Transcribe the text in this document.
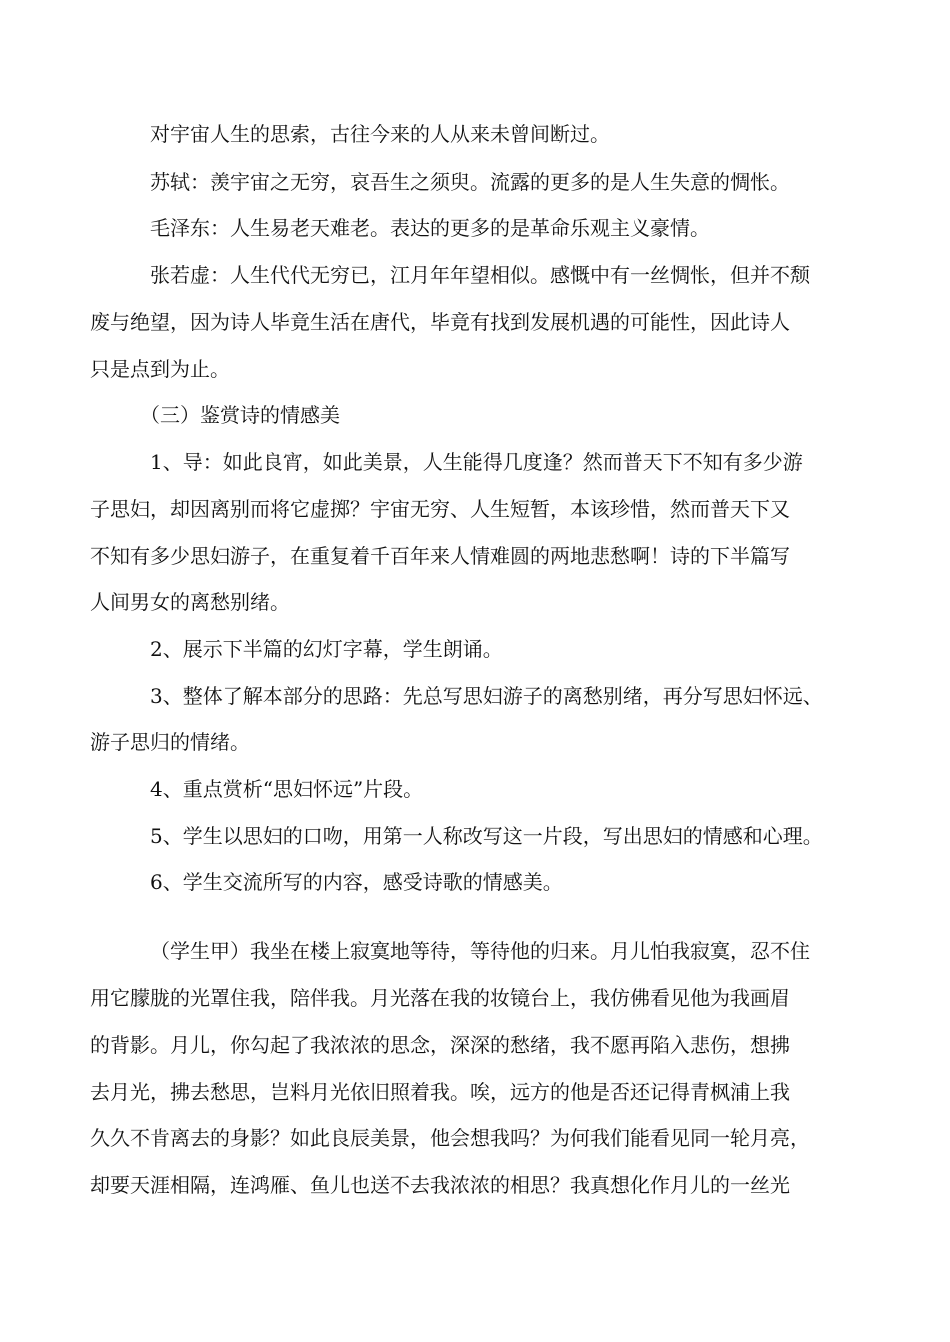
对宇宙人生的思索，古往今来的人从来未曾间断过。
苏轼：羡宇宙之无穷，哀吾生之须臾。流露的更多的是人生失意的惆怅。
毛泽东：人生易老天难老。表达的更多的是革命乐观主义豪情。
张若虚：人生代代无穷已，江月年年望相似。感慨中有一丝惆怅，但并不颓
废与绝望，因为诗人毕竟生活在唐代，毕竟有找到发展机遇的可能性，因此诗人
只是点到为止。
（三）鉴赏诗的情感美
1、导：如此良宵，如此美景，人生能得几度逢？然而普天下不知有多少游
子思妇，却因离别而将它虚掷？宇宙无穷、人生短暂，本该珍惜，然而普天下又
不知有多少思妇游子，在重复着千百年来人情难圆的两地悲愁啊！诗的下半篇写
人间男女的离愁别绪。
2、展示下半篇的幻灯字幕，学生朗诵。
3、整体了解本部分的思路：先总写思妇游子的离愁别绪，再分写思妇怀远、
游子思归的情绪。
4、重点赏析“思妇怀远”片段。
5、学生以思妇的口吻，用第一人称改写这一片段，写出思妇的情感和心理。
6、学生交流所写的内容，感受诗歌的情感美。
（学生甲）我坐在楼上寂寞地等待，等待他的归来。月儿怕我寂寞，忍不住
用它朦胧的光罩住我，陪伴我。月光落在我的妆镜台上，我仿佛看见他为我画眉
的背影。月儿，你勾起了我浓浓的思念，深深的愁绪，我不愿再陷入悲伤，想拂
去月光，拂去愁思，岂料月光依旧照着我。唉，远方的他是否还记得青枫浦上我
久久不肯离去的身影？如此良辰美景，他会想我吗？为何我们能看见同一轮月亮，
却要天涯相隔，连鸿雁、鱼儿也送不去我浓浓的相思？我真想化作月儿的一丝光
